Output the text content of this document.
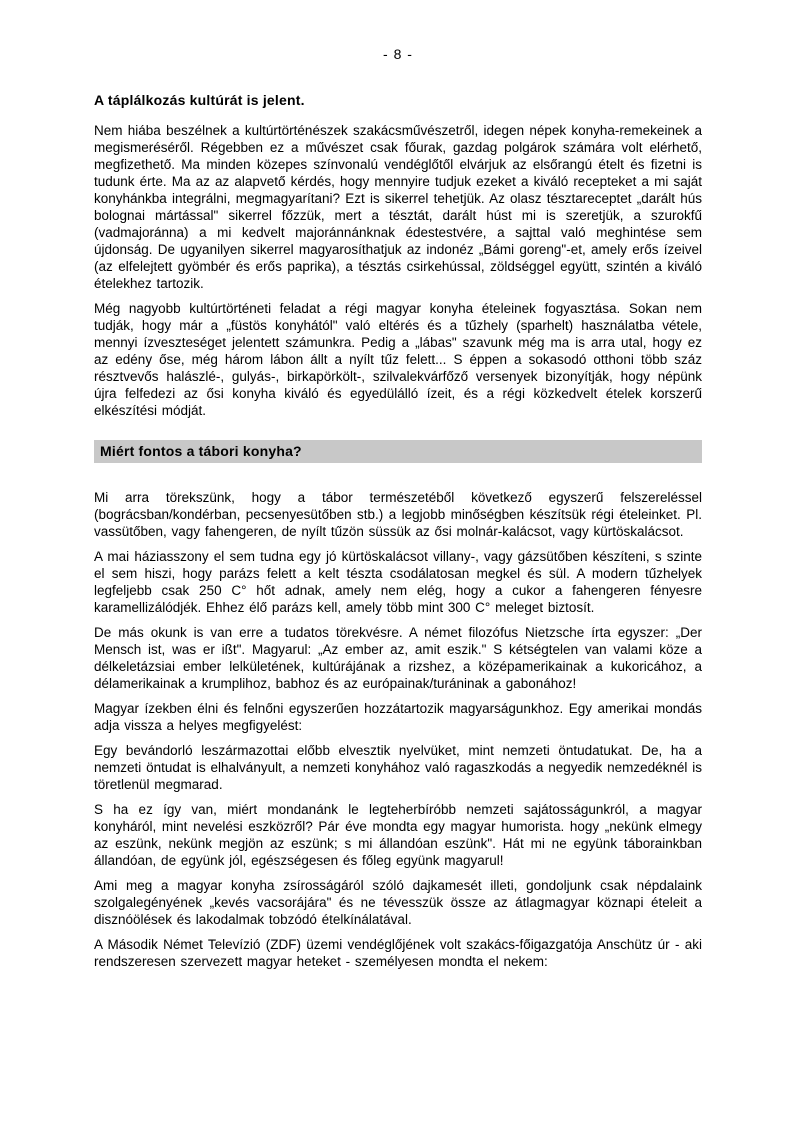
- 8 -
A táplálkozás kultúrát is jelent.

Nem hiába beszélnek a kultúrtörténészek szakácsművészetről, idegen népek konyha-remekeinek a megismeréséről. Régebben ez a művészet csak főurak, gazdag polgárok számára volt elérhető, megfizethető. Ma minden közepes színvonalú vendéglőtől elvárjuk az elsőrangú ételt és fizetni is tudunk érte. Ma az az alapvető kérdés, hogy mennyire tudjuk ezeket a kiváló recepteket a mi saját konyhánkba integrálni, megmagyarítani? Ezt is sikerrel tehetjük. Az olasz tésztareceptet „darált hús bolognai mártással" sikerrel főzzük, mert a tésztát, darált húst mi is szeretjük, a szurokfű (vadmajoránna) a mi kedvelt majoránnánknak édestestvére, a sajttal való meghintése sem újdonság. De ugyanilyen sikerrel magyarosíthatjuk az indonéz „Bámi goreng"-et, amely erős ízeivel (az elfelejtett gyömbér és erős paprika), a tésztás csirkehússal, zöldséggel együtt, szintén a kiváló ételekhez tartozik.

Még nagyobb kultúrtörténeti feladat a régi magyar konyha ételeinek fogyasztása. Sokan nem tudják, hogy már a „füstös konyhától" való eltérés és a tűzhely (sparhelt) használatba vétele, mennyi ízveszteséget jelentett számunkra. Pedig a „lábas" szavunk még ma is arra utal, hogy ez az edény őse, még három lábon állt a nyílt tűz felett... S éppen a sokasodó otthoni több száz résztvevős halászlé-, gulyás-, birkapörkölt-, szilvalekvárfőző versenyek bizonyítják, hogy népünk újra felfedezi az ősi konyha kiváló és egyedülálló ízeit, és a régi közkedvelt ételek korszerű elkészítési módját.

Miért fontos a tábori konyha?

Mi arra törekszünk, hogy a tábor természetéből következő egyszerű felszereléssel (bográcsban/kondérban, pecsenyesütőben stb.) a legjobb minőségben készítsük régi ételeinket. Pl. vassütőben, vagy fahengeren, de nyílt tűzön süssük az ősi molnár-kalácsot, vagy kürtöskalácsot.

A mai háziasszony el sem tudna egy jó kürtöskalácsot villany-, vagy gázsütőben készíteni, s szinte el sem hiszi, hogy parázs felett a kelt tészta csodálatosan megkel és sül. A modern tűzhelyek legfeljebb csak 250 C° hőt adnak, amely nem elég, hogy a cukor a fahengeren fényesre karamellizálódjék. Ehhez élő parázs kell, amely több mint 300 C° meleget biztosít.

De más okunk is van erre a tudatos törekvésre. A német filozófus Nietzsche írta egyszer: „Der Mensch ist, was er ißt". Magyarul: „Az ember az, amit eszik." S kétségtelen van valami köze a délkeletázsiai ember lelkületének, kultúrájának a rizshez, a középamerikainak a kukoricához, a délamerikainak a krumplihoz, babhoz és az európainak/turáninak a gabonához!

Magyar ízekben élni és felnőni egyszerűen hozzátartozik magyarságunkhoz. Egy amerikai mondás adja vissza a helyes megfigyelést:

Egy bevándorló leszármazottai előbb elvesztik nyelvüket, mint nemzeti öntudatukat. De, ha a nemzeti öntudat is elhalványult, a nemzeti konyhához való ragaszkodás a negyedik nemzedéknél is töretlenül megmarad.

S ha ez így van, miért mondanánk le legteherbíróbb nemzeti sajátosságunkról, a magyar konyháról, mint nevelési eszközről? Pár éve mondta egy magyar humorista. hogy „nekünk elmegy az eszünk, nekünk megjön az eszünk; s mi állandóan eszünk". Hát mi ne együnk táborainkban állandóan, de együnk jól, egészségesen és főleg együnk magyarul!

Ami meg a magyar konyha zsírosságáról szóló dajkamesét illeti, gondoljunk csak népdalaink szolgalegényének „kevés vacsorájára" és ne tévesszük össze az átlagmagyar köznapi ételeit a disznóölések és lakodalmak tobzódó ételkínálatával.

A Második Német Televízió (ZDF) üzemi vendéglőjének volt szakács-főigazgatója Anschütz úr - aki rendszeresen szervezett magyar heteket - személyesen mondta el nekem:
